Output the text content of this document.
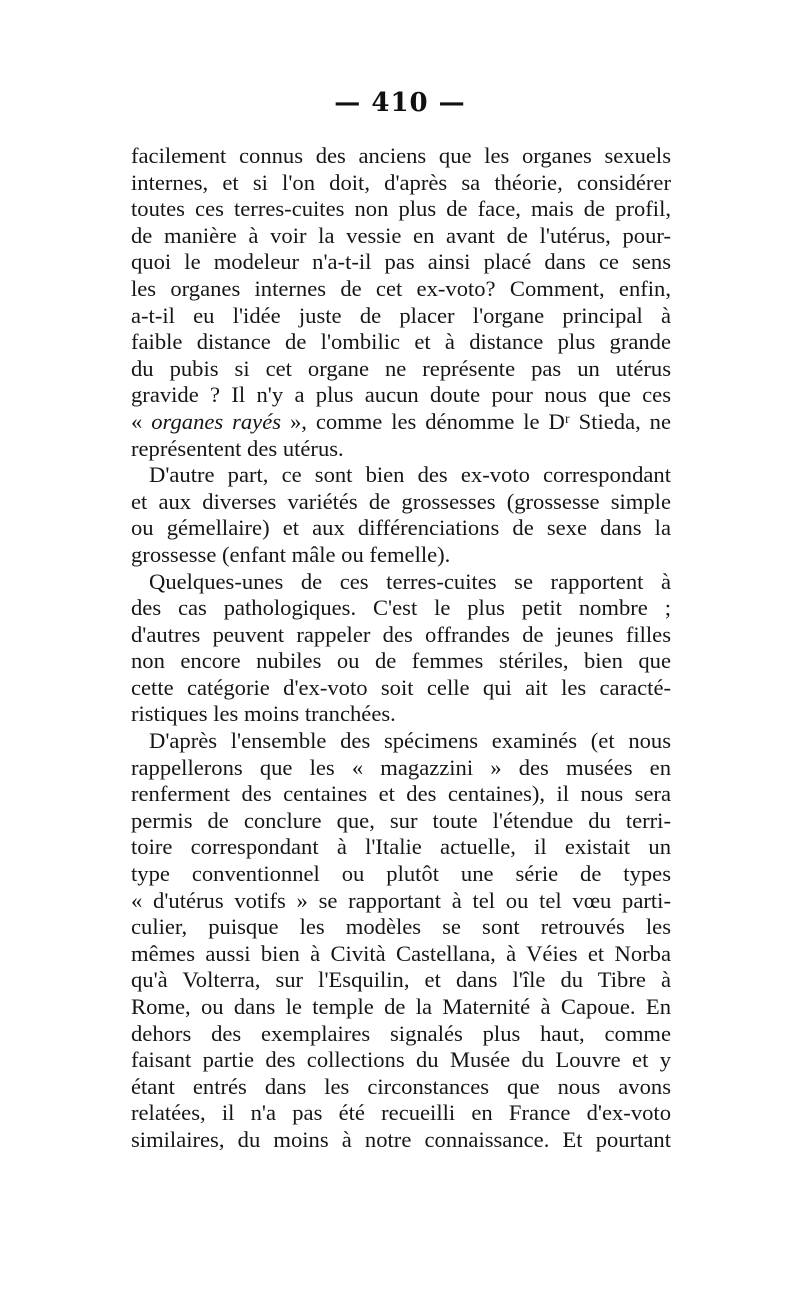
— 410 —
facilement connus des anciens que les organes sexuels
internes, et si l'on doit, d'après sa théorie, considérer
toutes ces terres-cuites non plus de face, mais de profil,
de manière à voir la vessie en avant de l'utérus, pour-
quoi le modeleur n'a-t-il pas ainsi placé dans ce sens
les organes internes de cet ex-voto? Comment, enfin,
a-t-il eu l'idée juste de placer l'organe principal à
faible distance de l'ombilic et à distance plus grande
du pubis si cet organe ne représente pas un utérus
gravide ? Il n'y a plus aucun doute pour nous que ces
« organes rayés », comme les dénomme le Dʳ Stieda, ne
représentent des utérus.
D'autre part, ce sont bien des ex-voto correspondant
et aux diverses variétés de grossesses (grossesse simple
ou gémellaire) et aux différenciations de sexe dans la
grossesse (enfant mâle ou femelle).
Quelques-unes de ces terres-cuites se rapportent à
des cas pathologiques. C'est le plus petit nombre ;
d'autres peuvent rappeler des offrandes de jeunes filles
non encore nubiles ou de femmes stériles, bien que
cette catégorie d'ex-voto soit celle qui ait les caracté-
ristiques les moins tranchées.
D'après l'ensemble des spécimens examinés (et nous
rappellerons que les « magazzini » des musées en
renferment des centaines et des centaines), il nous sera
permis de conclure que, sur toute l'étendue du terri-
toire correspondant à l'Italie actuelle, il existait un
type conventionnel ou plutôt une série de types
« d'utérus votifs » se rapportant à tel ou tel vœu parti-
culier, puisque les modèles se sont retrouvés les
mêmes aussi bien à Cività Castellana, à Véies et Norba
qu'à Volterra, sur l'Esquilin, et dans l'île du Tibre à
Rome, ou dans le temple de la Maternité à Capoue. En
dehors des exemplaires signalés plus haut, comme
faisant partie des collections du Musée du Louvre et y
étant entrés dans les circonstances que nous avons
relatées, il n'a pas été recueilli en France d'ex-voto
similaires, du moins à notre connaissance. Et pourtant
